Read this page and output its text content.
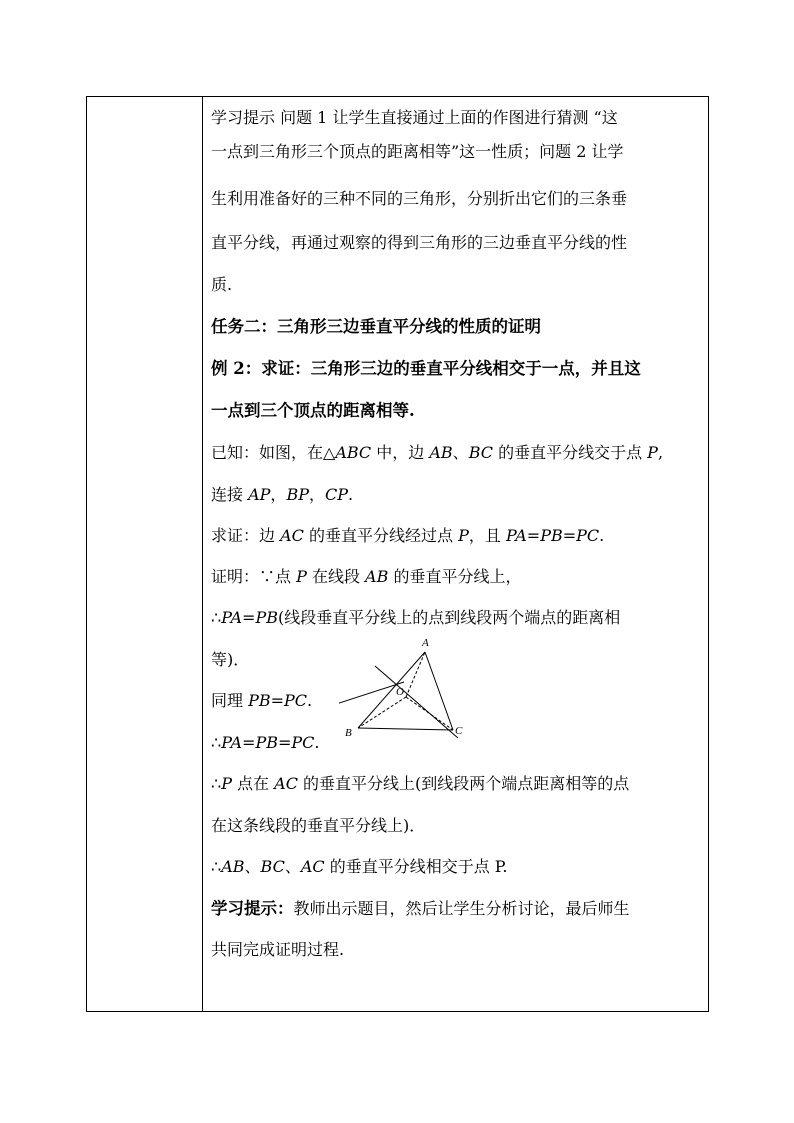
学习提示 问题 1 让学生直接通过上面的作图进行猜测 “这
一点到三角形三个顶点的距离相等”这一性质；问题 2 让学
生利用准备好的三种不同的三角形，分别折出它们的三条垂
直平分线，再通过观察的得到三角形的三边垂直平分线的性
质.
任务二：三角形三边垂直平分线的性质的证明
例 2：求证：三角形三边的垂直平分线相交于一点，并且这
一点到三个顶点的距离相等.
已知：如图，在△ABC 中，边 AB、BC 的垂直平分线交于点 P,
连接 AP，BP，CP.
求证：边 AC 的垂直平分线经过点 P，且 PA=PB=PC.
证明：∵点 P 在线段 AB 的垂直平分线上，
∴PA=PB(线段垂直平分线上的点到线段两个端点的距离相
等)．
同理 PB=PC.
∴PA=PB=PC.
∴P 点在 AC 的垂直平分线上(到线段两个端点距离相等的点
在这条线段的垂直平分线上)．
∴AB、BC、AC 的垂直平分线相交于点 P.
学习提示：教师出示题目，然后让学生分析讨论，最后师生
共同完成证明过程.
A
B	C
O
